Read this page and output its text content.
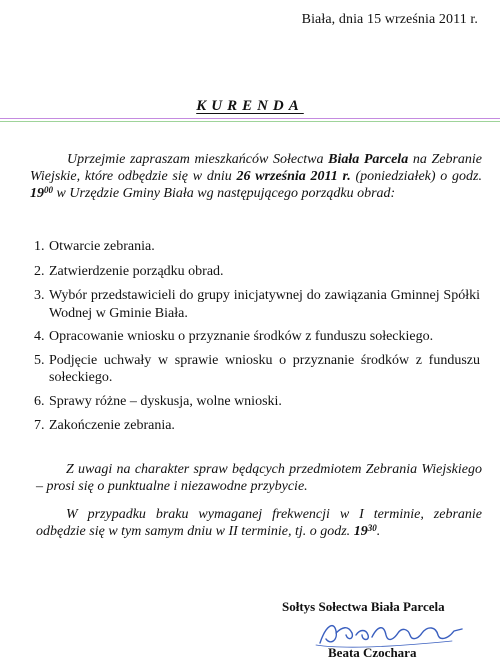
Biała, dnia 15 września 2011 r.
KURENDA
Uprzejmie zapraszam mieszkańców Sołectwa Biała Parcela na Zebranie Wiejskie, które odbędzie się w dniu 26 września 2011 r. (poniedziałek) o godz. $19^{00}$ w Urzędzie Gminy Biała wg następującego porządku obrad:
1. Otwarcie zebrania.
2. Zatwierdzenie porządku obrad.
3. Wybór przedstawicieli do grupy inicjatywnej do zawiązania Gminnej Spółki Wodnej w Gminie Biała.
4. Opracowanie wniosku o przyznanie środków z funduszu sołeckiego.
5. Podjęcie uchwały w sprawie wniosku o przyznanie środków z funduszu sołeckiego.
6. Sprawy różne – dyskusja, wolne wnioski.
7. Zakończenie zebrania.

Z uwagi na charakter spraw będących przedmiotem Zebrania Wiejskiego – prosi się o punktualne i niezawodne przybycie.

W przypadku braku wymaganej frekwencji w I terminie, zebranie odbędzie się w tym samym dniu w II terminie, tj. o godz. $19^{30}$.

Sołtys Sołectwa Biała Parcela
Beata Czochara
